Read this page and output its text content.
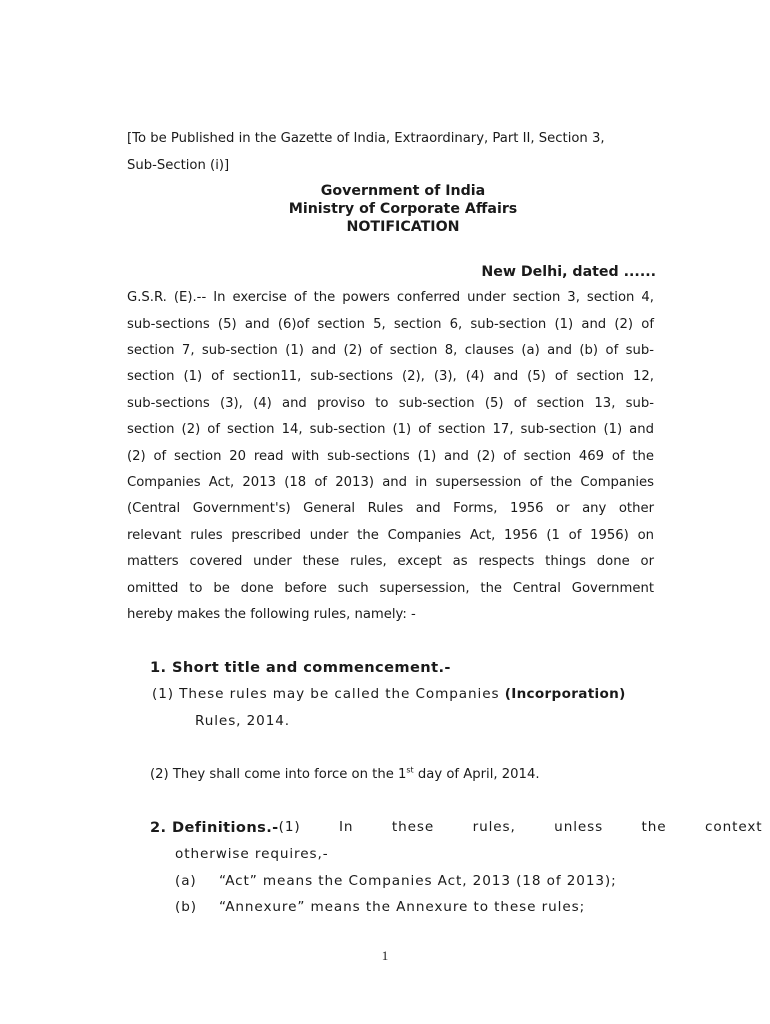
[To be Published in the Gazette of India, Extraordinary, Part II, Section 3,
Sub-Section (i)]
Government of India
Ministry of Corporate Affairs
NOTIFICATION
New Delhi, dated ......
G.S.R. (E).-- In exercise of the powers conferred under section 3, section 4,
sub-sections (5) and (6)of section 5, section 6, sub-section (1) and (2) of
section 7, sub-section (1) and (2) of section 8, clauses (a) and (b) of sub-
section (1) of section11, sub-sections (2), (3), (4) and (5) of section 12,
sub-sections (3), (4) and proviso to sub-section (5) of section 13, sub-
section (2) of section 14, sub-section (1) of section 17, sub-section (1) and
(2) of section 20 read with sub-sections (1) and (2) of section 469 of the
Companies Act, 2013 (18 of 2013) and in supersession of the Companies
(Central Government's) General Rules and Forms, 1956 or any other
relevant rules prescribed under the Companies Act, 1956 (1 of 1956) on
matters covered under these rules, except as respects things done or
omitted to be done before such supersession, the Central Government
hereby makes the following rules, namely: -
1. Short title and commencement.-
(1) These rules may be called the Companies (Incorporation)
Rules, 2014.
(2) They shall come into force on the 1st day of April, 2014.
2. Definitions.- (1)  In  these  rules,  unless  the  context
otherwise requires,-
(a) “Act” means the Companies Act, 2013 (18 of 2013);
(b) “Annexure” means the Annexure to these rules;
1
